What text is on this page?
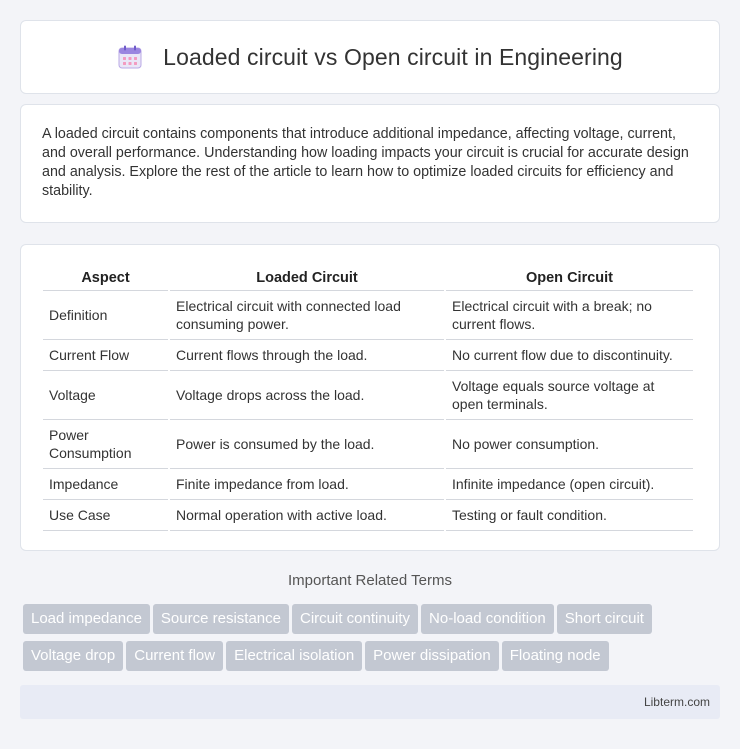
Loaded circuit vs Open circuit in Engineering

A loaded circuit contains components that introduce additional impedance, affecting voltage, current, and overall performance. Understanding how loading impacts your circuit is crucial for accurate design and analysis. Explore the rest of the article to learn how to optimize loaded circuits for efficiency and stability.

Aspect	Loaded Circuit	Open Circuit
Definition	Electrical circuit with connected load consuming power.	Electrical circuit with a break; no current flows.
Current Flow	Current flows through the load.	No current flow due to discontinuity.
Voltage	Voltage drops across the load.	Voltage equals source voltage at open terminals.
Power Consumption	Power is consumed by the load.	No power consumption.
Impedance	Finite impedance from load.	Infinite impedance (open circuit).
Use Case	Normal operation with active load.	Testing or fault condition.
Important Related Terms
Load impedance Source resistance Circuit continuity No-load condition Short circuit
Voltage drop Current flow Electrical isolation Power dissipation Floating node
Libterm.com
